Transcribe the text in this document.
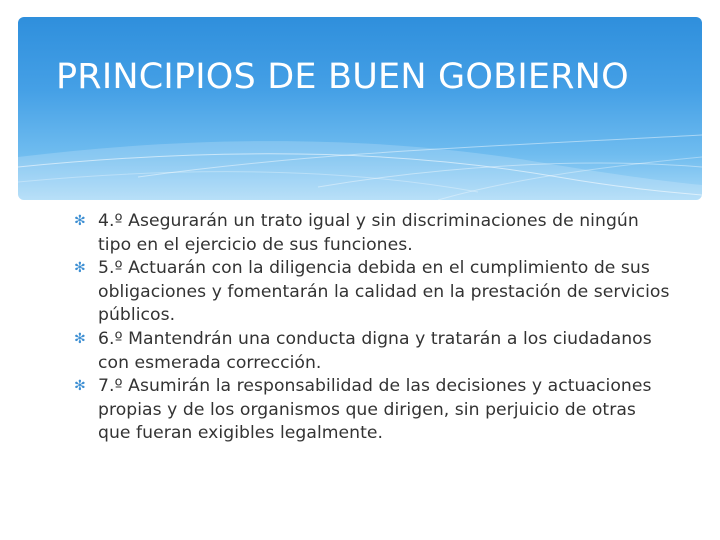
PRINCIPIOS DE BUEN GOBIERNO
✻ 4.º Asegurarán un trato igual y sin discriminaciones de ningún tipo en el ejercicio de sus funciones.
✻ 5.º Actuarán con la diligencia debida en el cumplimiento de sus obligaciones y fomentarán la calidad en la prestación de servicios públicos.
✻ 6.º Mantendrán una conducta digna y tratarán a los ciudadanos con esmerada corrección.
✻ 7.º Asumirán la responsabilidad de las decisiones y actuaciones propias y de los organismos que dirigen, sin perjuicio de otras que fueran exigibles legalmente.
